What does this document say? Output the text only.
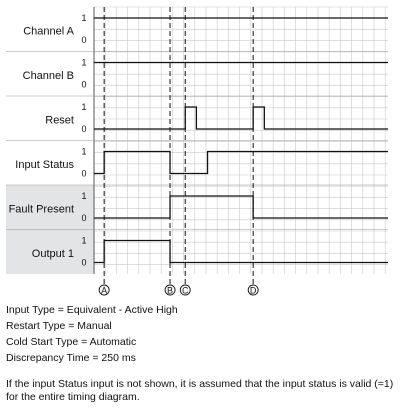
Channel A
1
0
Channel B
1
0
Reset
1
0
Input Status
1
0
Fault Present
1
0
Output 1
1
0
A	B C	D
Input Type = Equivalent - Active High
Restart Type = Manual
Cold Start Type = Automatic
Discrepancy Time = 250 ms
If the input Status input is not shown, it is assumed that the input status is valid (=1) for the entire timing diagram.
